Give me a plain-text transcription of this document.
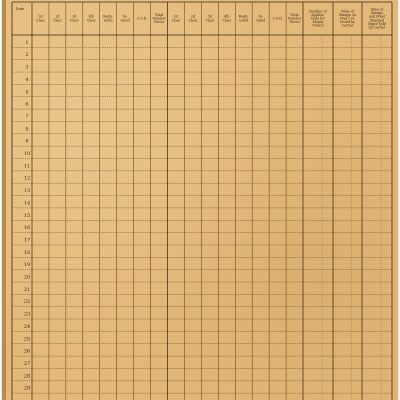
Date
1st
Class
2d
Class
3d
Class
4th
Class
Regis-
tered
In-
sured C.O.D.
Total
Number
Pieces
1st
Class
2d
Class
3d
Class
4th
Class
Regis-
tered
In-
sured C.O.D.
Total
Number
Pieces
Number of
Applica-
tions for
Money
Orders
Value of
Stamps on
Mail Col-
lected by
Carrier
Value of
Stamps
and Other
Stamped
Paper Sold
by Carrier
1
2
3
4
5
6
7
8
9
10
11
12
13
14
15
16
17
18
19
20
21
22
23
24
25
26
27
28
29
